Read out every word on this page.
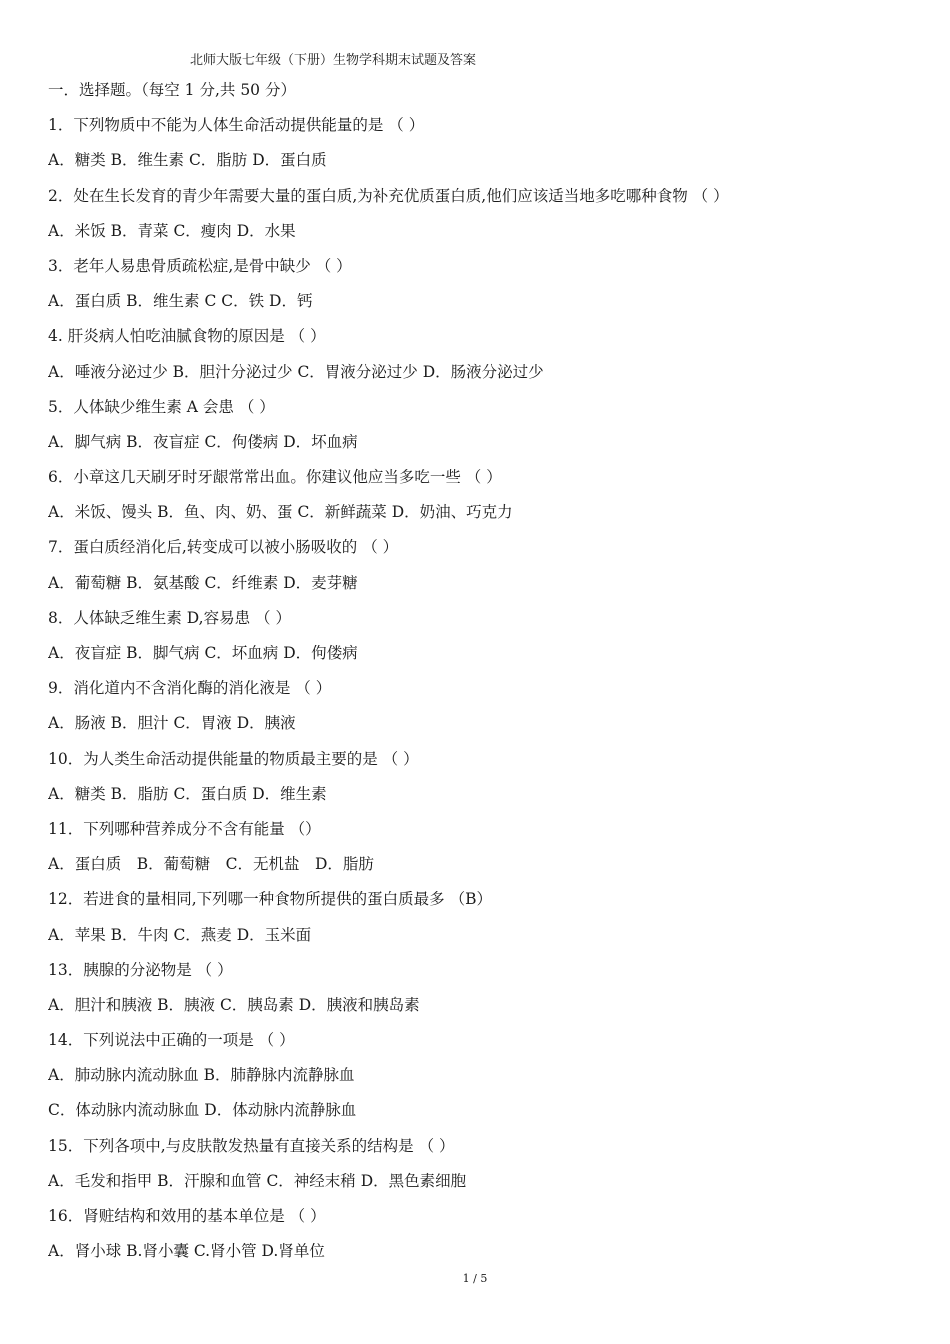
北师大版七年级（下册）生物学科期末试题及答案
一．选择题。（每空 1 分,共 50 分）
1．下列物质中不能为人体生命活动提供能量的是 （ ）
A．糖类 B．维生素 C．脂肪 D．蛋白质
2．处在生长发育的青少年需要大量的蛋白质,为补充优质蛋白质,他们应该适当地多吃哪种食物 （ ）
A．米饭 B．青菜 C．瘦肉 D．水果
3．老年人易患骨质疏松症,是骨中缺少 （ ）
A．蛋白质 B．维生素 C C．铁 D．钙
4. 肝炎病人怕吃油腻食物的原因是 （ ）
A．唾液分泌过少 B．胆汁分泌过少 C．胃液分泌过少 D．肠液分泌过少
5．人体缺少维生素 A 会患 （ ）
A．脚气病 B．夜盲症 C．佝偻病 D．坏血病
6．小章这几天刷牙时牙龈常常出血。你建议他应当多吃一些 （ ）
A．米饭、馒头 B．鱼、肉、奶、蛋 C．新鲜蔬菜 D．奶油、巧克力
7．蛋白质经消化后,转变成可以被小肠吸收的 （ ）
A．葡萄糖 B．氨基酸 C．纤维素 D．麦芽糖
8．人体缺乏维生素 D,容易患 （ ）
A．夜盲症 B．脚气病 C．坏血病 D．佝偻病
9．消化道内不含消化酶的消化液是 （ ）
A．肠液 B．胆汁 C．胃液 D．胰液
10．为人类生命活动提供能量的物质最主要的是 （ ）
A．糖类 B．脂肪 C．蛋白质 D．维生素
11．下列哪种营养成分不含有能量 （）
A．蛋白质　B．葡萄糖　C．无机盐　D．脂肪
12．若进食的量相同,下列哪一种食物所提供的蛋白质最多 （B）
A．苹果 B．牛肉 C．燕麦 D．玉米面
13．胰腺的分泌物是 （ ）
A．胆汁和胰液 B．胰液 C．胰岛素 D．胰液和胰岛素
14．下列说法中正确的一项是 （ ）
A．肺动脉内流动脉血 B．肺静脉内流静脉血
C．体动脉内流动脉血 D．体动脉内流静脉血
15．下列各项中,与皮肤散发热量有直接关系的结构是 （ ）
A．毛发和指甲 B．汗腺和血管 C．神经末稍 D．黑色素细胞
16．肾赃结构和效用的基本单位是 （ ）
A．肾小球 B.肾小囊 C.肾小管 D.肾单位
1 / 5
